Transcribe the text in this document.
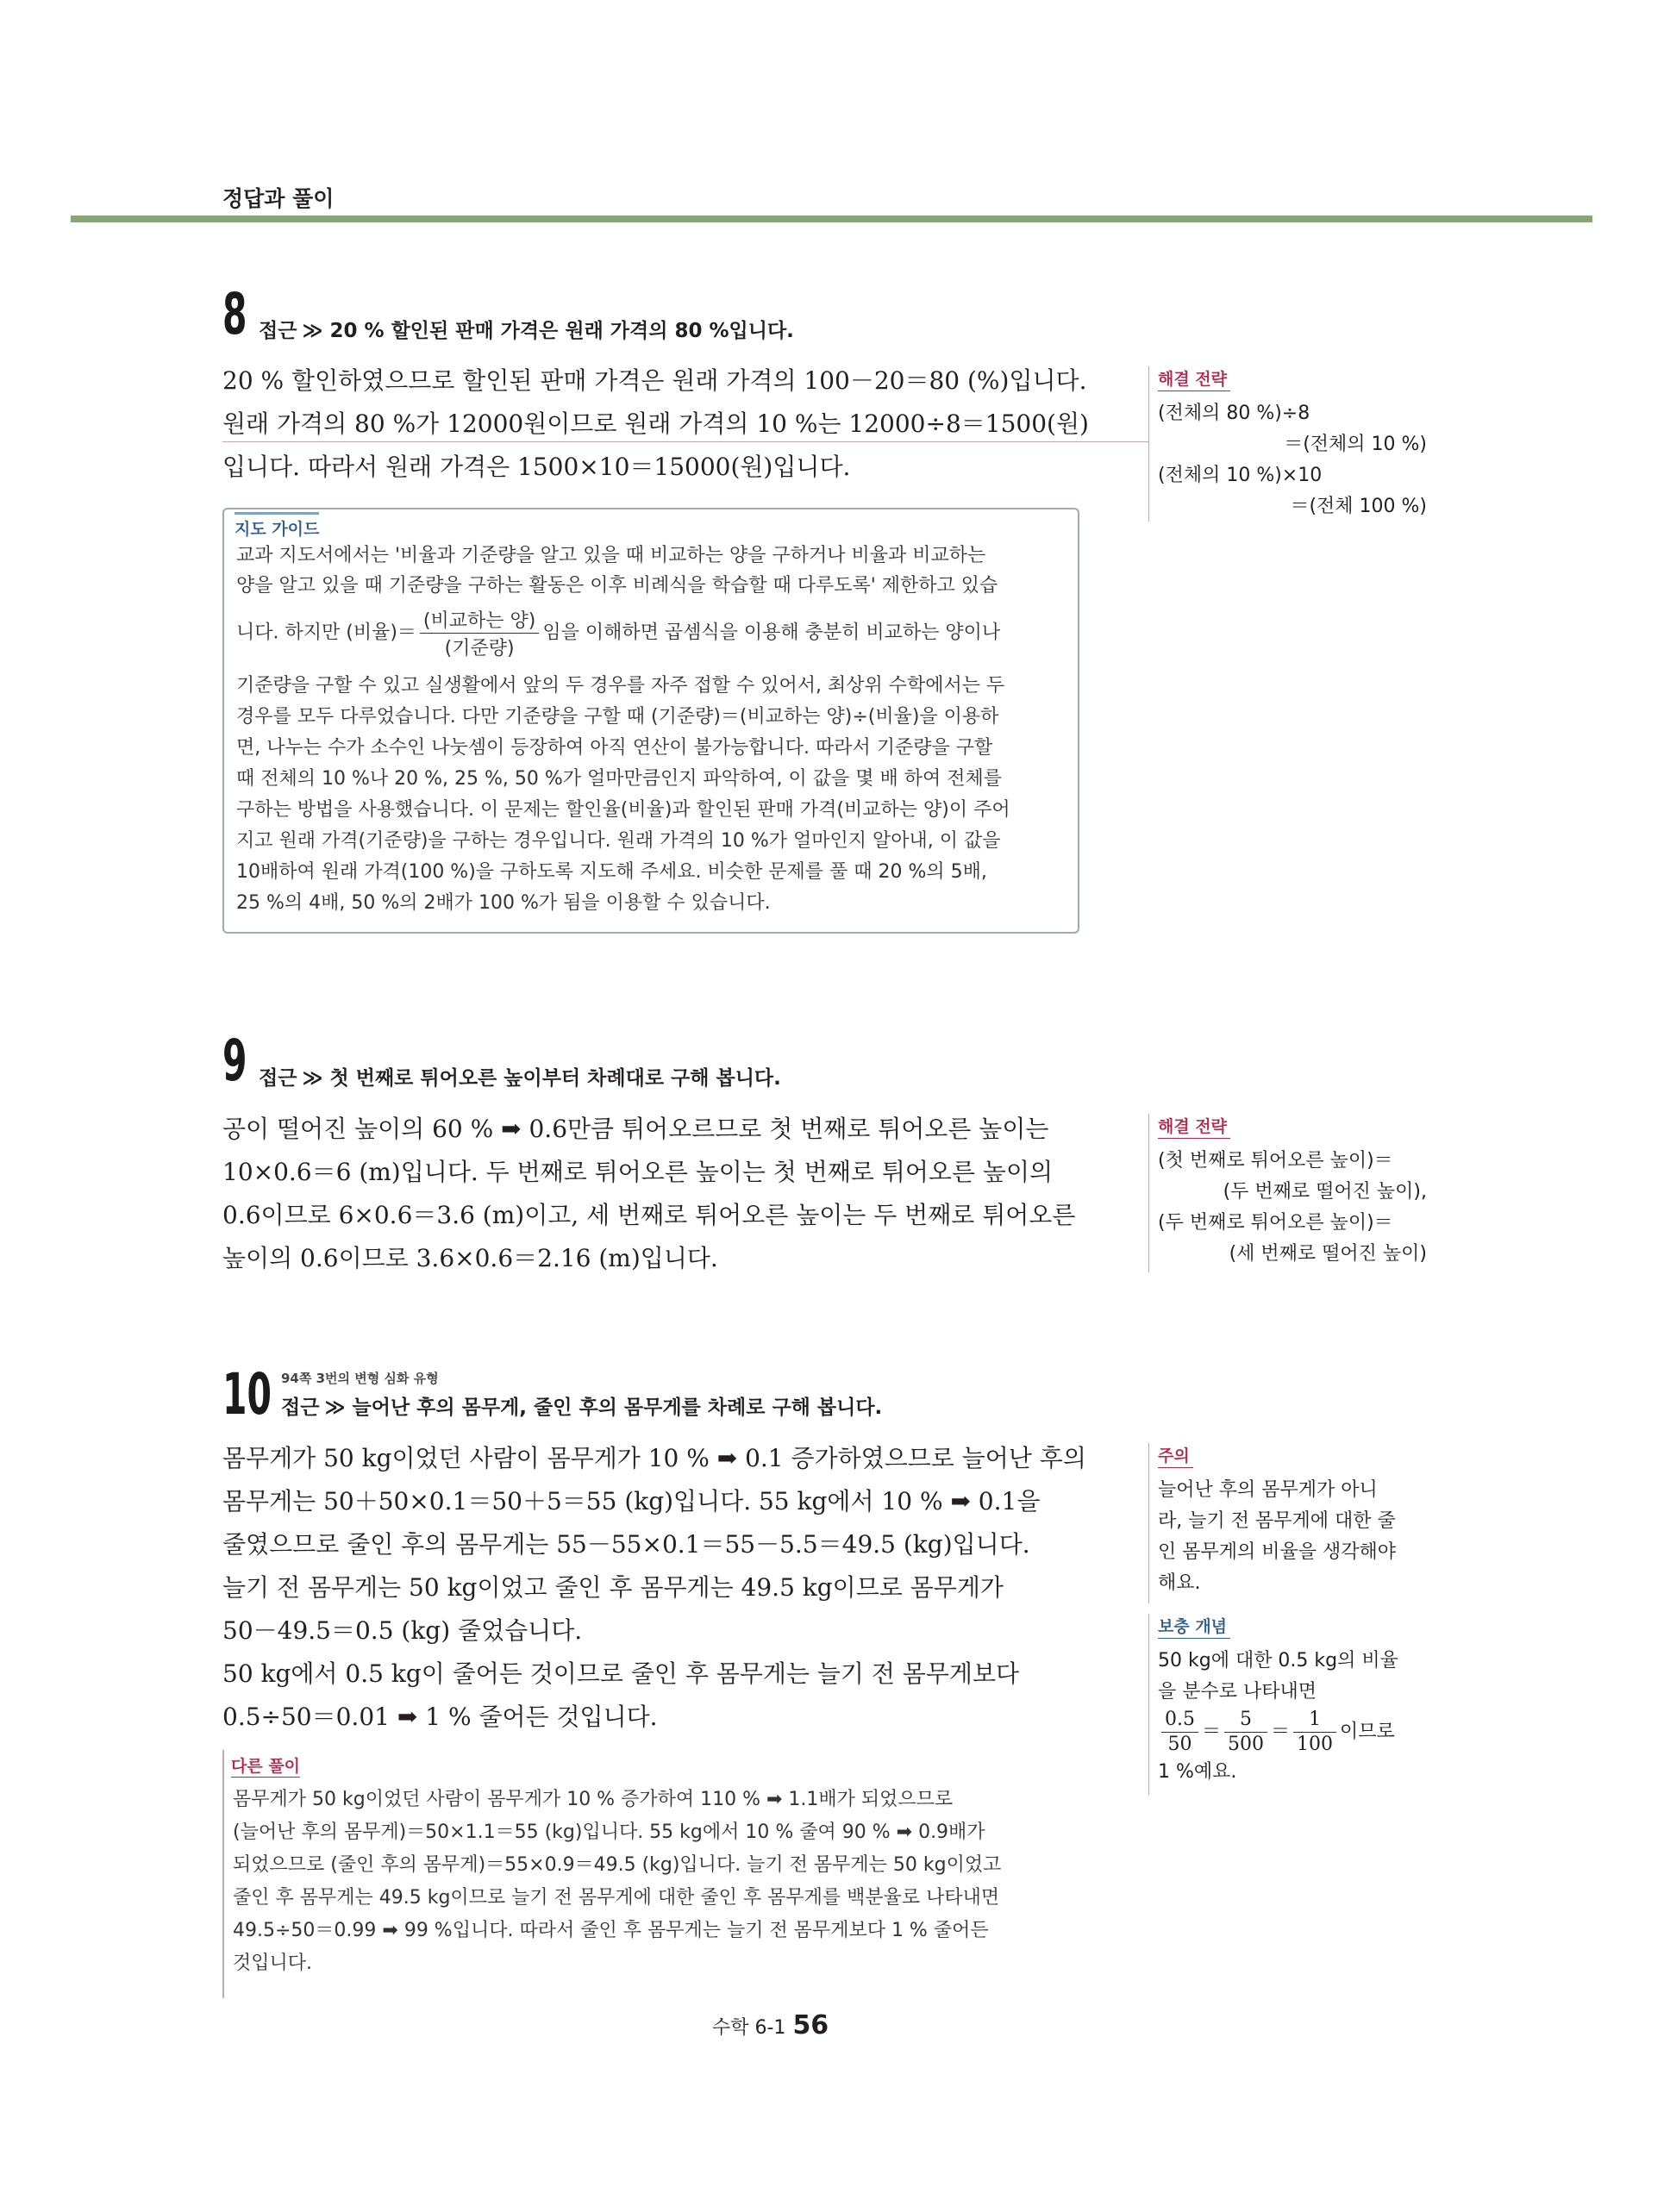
정답과 풀이
8 접근 ≫ 20 % 할인된 판매 가격은 원래 가격의 80 %입니다.
20 % 할인하였으므로 할인된 판매 가격은 원래 가격의 100－20＝80 (%)입니다.
원래 가격의 80 %가 12000원이므로 원래 가격의 10 %는 12000÷8＝1500(원)
입니다. 따라서 원래 가격은 1500×10＝15000(원)입니다.
해결 전략
(전체의 80 %)÷8
＝(전체의 10 %)
(전체의 10 %)×10
＝(전체 100 %)
지도 가이드
교과 지도서에서는 '비율과 기준량을 알고 있을 때 비교하는 양을 구하거나 비율과 비교하는
양을 알고 있을 때 기준량을 구하는 활동은 이후 비례식을 학습할 때 다루도록' 제한하고 있습
니다. 하지만 (비율)＝ $\frac{\text{(비교하는 양)}}{\text{(기준량)}}$ 임을 이해하면 곱셈식을 이용해 충분히 비교하는 양이나
기준량을 구할 수 있고 실생활에서 앞의 두 경우를 자주 접할 수 있어서, 최상위 수학에서는 두
경우를 모두 다루었습니다. 다만 기준량을 구할 때 (기준량)＝(비교하는 양)÷(비율)을 이용하
면, 나누는 수가 소수인 나눗셈이 등장하여 아직 연산이 불가능합니다. 따라서 기준량을 구할
때 전체의 10 %나 20 %, 25 %, 50 %가 얼마만큼인지 파악하여, 이 값을 몇 배 하여 전체를
구하는 방법을 사용했습니다. 이 문제는 할인율(비율)과 할인된 판매 가격(비교하는 양)이 주어
지고 원래 가격(기준량)을 구하는 경우입니다. 원래 가격의 10 %가 얼마인지 알아내, 이 값을
10배하여 원래 가격(100 %)을 구하도록 지도해 주세요. 비슷한 문제를 풀 때 20 %의 5배,
25 %의 4배, 50 %의 2배가 100 %가 됨을 이용할 수 있습니다.
9 접근 ≫ 첫 번째로 튀어오른 높이부터 차례대로 구해 봅니다.
공이 떨어진 높이의 60 % ➡ 0.6만큼 튀어오르므로 첫 번째로 튀어오른 높이는
10×0.6＝6 (m)입니다. 두 번째로 튀어오른 높이는 첫 번째로 튀어오른 높이의
0.6이므로 6×0.6＝3.6 (m)이고, 세 번째로 튀어오른 높이는 두 번째로 튀어오른
높이의 0.6이므로 3.6×0.6＝2.16 (m)입니다.
해결 전략
(첫 번째로 튀어오른 높이)＝
(두 번째로 떨어진 높이),
(두 번째로 튀어오른 높이)＝
(세 번째로 떨어진 높이)
10 94쪽 3번의 변형 심화 유형
접근 ≫ 늘어난 후의 몸무게, 줄인 후의 몸무게를 차례로 구해 봅니다.
몸무게가 50 kg이었던 사람이 몸무게가 10 % ➡ 0.1 증가하였으므로 늘어난 후의
몸무게는 50＋50×0.1＝50＋5＝55 (kg)입니다. 55 kg에서 10 % ➡ 0.1을
줄였으므로 줄인 후의 몸무게는 55－55×0.1＝55－5.5＝49.5 (kg)입니다.
늘기 전 몸무게는 50 kg이었고 줄인 후 몸무게는 49.5 kg이므로 몸무게가
50－49.5＝0.5 (kg) 줄었습니다.
50 kg에서 0.5 kg이 줄어든 것이므로 줄인 후 몸무게는 늘기 전 몸무게보다
0.5÷50＝0.01 ➡ 1 % 줄어든 것입니다.
주의
늘어난 후의 몸무게가 아니
라, 늘기 전 몸무게에 대한 줄
인 몸무게의 비율을 생각해야
해요.
보충 개념
50 kg에 대한 0.5 kg의 비율
을 분수로 나타내면
$\frac{0.5}{50} = \frac{5}{500} = \frac{1}{100}$ 이므로
1 %예요.
다른 풀이
몸무게가 50 kg이었던 사람이 몸무게가 10 % 증가하여 110 % ➡ 1.1배가 되었으므로
(늘어난 후의 몸무게)＝50×1.1＝55 (kg)입니다. 55 kg에서 10 % 줄여 90 % ➡ 0.9배가
되었으므로 (줄인 후의 몸무게)＝55×0.9＝49.5 (kg)입니다. 늘기 전 몸무게는 50 kg이었고
줄인 후 몸무게는 49.5 kg이므로 늘기 전 몸무게에 대한 줄인 후 몸무게를 백분율로 나타내면
49.5÷50＝0.99 ➡ 99 %입니다. 따라서 줄인 후 몸무게는 늘기 전 몸무게보다 1 % 줄어든
것입니다.
수학 6-1 56
